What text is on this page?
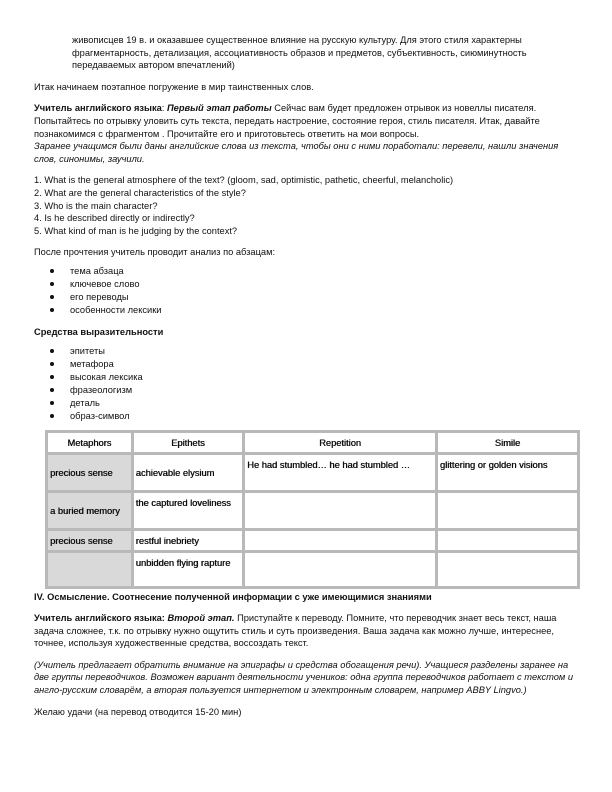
живописцев 19 в. и оказавшее существенное влияние на русскую культуру. Для этого стиля характерны

фрагментарность, детализация, ассоциативность образов и предметов, субъективность, сиюминутность

передаваемых автором впечатлений)

Итак начинаем поэтапное погружение в мир таинственных слов.

Учитель английского языка: Первый этап работы Сейчас вам будет предложен отрывок из новеллы писателя. Попытайтесь по отрывку уловить суть текста, передать настроение, состояние героя, стиль писателя. Итак, давайте познакомимся с фрагментом . Прочитайте его и приготовьтесь ответить на мои вопросы.

Заранее учащимся были даны английские слова из текста, чтобы они с ними поработали: перевели, нашли значения слов, синонимы, заучили.

1. What is the general atmosphere of the text? (gloom, sad, optimistic, pathetic, cheerful, melancholic)

2. What are the general characteristics of the style?

3. Who is the main character?

4. Is he described directly or indirectly?

5. What kind of man is he judging by the context?

После прочтения учитель проводит анализ по абзацам:

тема абзаца
ключевое слово
его переводы
особенности лексики

Средства выразительности

эпитеты
метафора
высокая лексика
фразеологизм
деталь
образ-символ
Metaphors	Epithets	Repetition	Simile
precious sense	achievable elysium	He had stumbled… he had stumbled …	glittering or golden visions
a buried memory	the captured loveliness		
precious sense	restful inebriety		
	unbidden flying rapture		

IV. Осмысление. Соотнесение полученной информации с уже имеющимися знаниями

Учитель английского языка: Второй этап. Приступайте к переводу. Помните, что переводчик знает весь текст, наша задача сложнее, т.к. по отрывку нужно ощутить стиль и суть произведения. Ваша задача как можно лучше, интереснее, точнее, используя художественные средства, воссоздать текст.

(Учитель предлагает обратить внимание на эпиграфы и средства обогащения речи). Учащиеся разделены заранее на две группы переводчиков. Возможен вариант деятельности учеников: одна группа переводчиков работает с текстом и англо-русским словарём, а вторая пользуется интернетом и электронным словарем, например ABBY Lingvo.)

Желаю удачи (на перевод отводится 15-20 мин)
